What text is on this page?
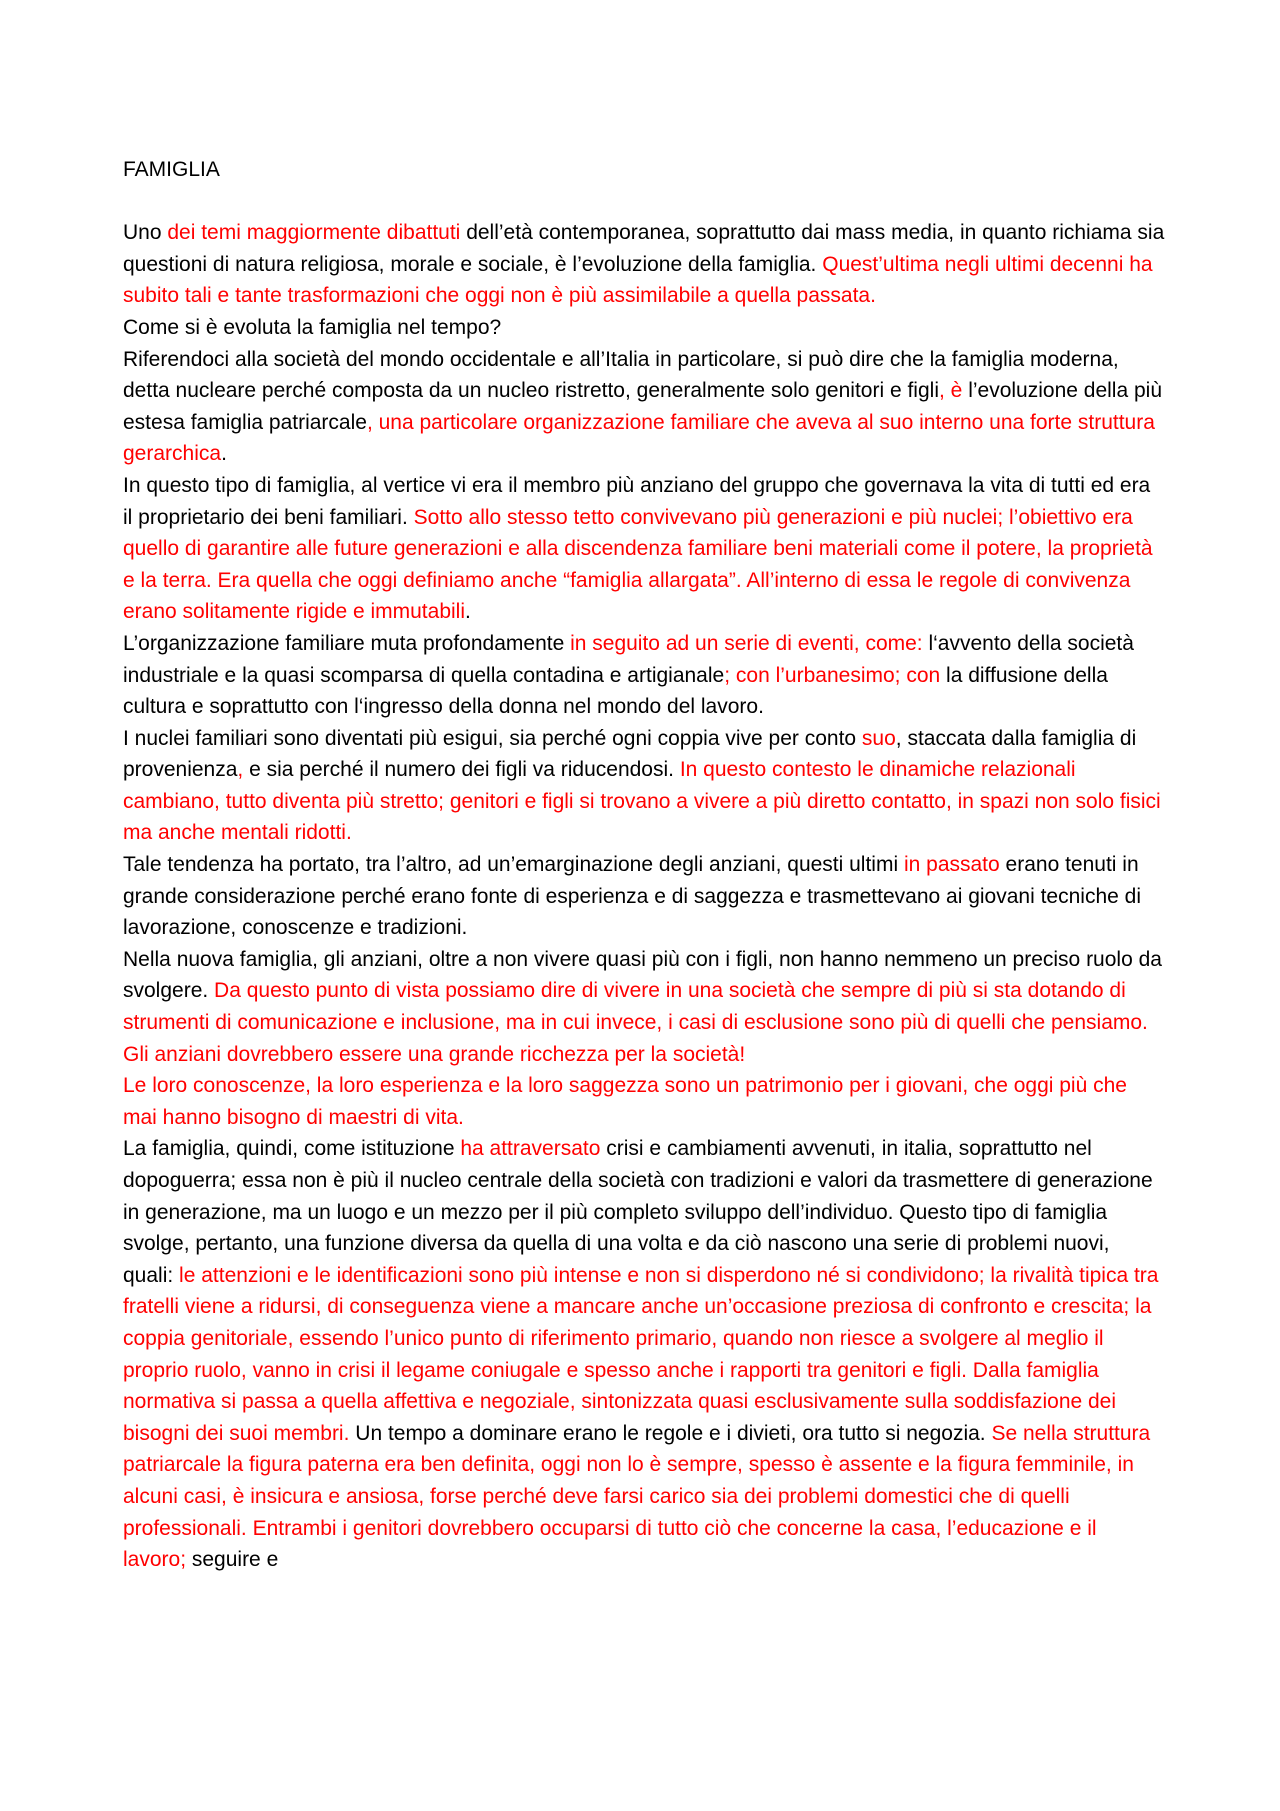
FAMIGLIA

Uno dei temi maggiormente dibattuti dell’età contemporanea, soprattutto dai mass media, in quanto richiama sia questioni di natura religiosa, morale e sociale, è l’evoluzione della famiglia. Quest’ultima negli ultimi decenni ha subito tali e tante trasformazioni che oggi non è più assimilabile a quella passata.

Come si è evoluta la famiglia nel tempo?

Riferendoci alla società del mondo occidentale e all’Italia in particolare, si può dire che la famiglia moderna, detta nucleare perché composta da un nucleo ristretto, generalmente solo genitori e figli, è l’evoluzione della più estesa famiglia patriarcale, una particolare organizzazione familiare che aveva al suo interno una forte struttura gerarchica.

In questo tipo di famiglia, al vertice vi era il membro più anziano del gruppo che governava la vita di tutti ed era il proprietario dei beni familiari. Sotto allo stesso tetto convivevano più generazioni e più nuclei; l’obiettivo era quello di garantire alle future generazioni e alla discendenza familiare beni materiali come il potere, la proprietà e la terra. Era quella che oggi definiamo anche “famiglia allargata”. All’interno di essa le regole di convivenza erano solitamente rigide e immutabili.

L’organizzazione familiare muta profondamente in seguito ad un serie di eventi, come: l‘avvento della società industriale e la quasi scomparsa di quella contadina e artigianale; con l’urbanesimo; con la diffusione della cultura e soprattutto con l‘ingresso della donna nel mondo del lavoro.

I nuclei familiari sono diventati più esigui, sia perché ogni coppia vive per conto suo, staccata dalla famiglia di provenienza, e sia perché il numero dei figli va riducendosi. In questo contesto le dinamiche relazionali cambiano, tutto diventa più stretto; genitori e figli si trovano a vivere a più diretto contatto, in spazi non solo fisici ma anche mentali ridotti.

Tale tendenza ha portato, tra l’altro, ad un’emarginazione degli anziani, questi ultimi in passato erano tenuti in grande considerazione perché erano fonte di esperienza e di saggezza e trasmettevano ai giovani tecniche di lavorazione, conoscenze e tradizioni.

Nella nuova famiglia, gli anziani, oltre a non vivere quasi più con i figli, non hanno nemmeno un preciso ruolo da svolgere. Da questo punto di vista possiamo dire di vivere in una società che sempre di più si sta dotando di strumenti di comunicazione e inclusione, ma in cui invece, i casi di esclusione sono più di quelli che pensiamo. Gli anziani dovrebbero essere una grande ricchezza per la società!

Le loro conoscenze, la loro esperienza e la loro saggezza sono un patrimonio per i giovani, che oggi più che mai hanno bisogno di maestri di vita.

La famiglia, quindi, come istituzione ha attraversato crisi e cambiamenti avvenuti, in italia, soprattutto nel dopoguerra; essa non è più il nucleo centrale della società con tradizioni e valori da trasmettere di generazione in generazione, ma un luogo e un mezzo per il più completo sviluppo dell’individuo. Questo tipo di famiglia svolge, pertanto, una funzione diversa da quella di una volta e da ciò nascono una serie di problemi nuovi, quali: le attenzioni e le identificazioni sono più intense e non si disperdono né si condividono; la rivalità tipica tra fratelli viene a ridursi, di conseguenza viene a mancare anche un’occasione preziosa di confronto e crescita; la coppia genitoriale, essendo l’unico punto di riferimento primario, quando non riesce a svolgere al meglio il proprio ruolo, vanno in crisi il legame coniugale e spesso anche i rapporti tra genitori e figli. Dalla famiglia normativa si passa a quella affettiva e negoziale, sintonizzata quasi esclusivamente sulla soddisfazione dei bisogni dei suoi membri. Un tempo a dominare erano le regole e i divieti, ora tutto si negozia. Se nella struttura patriarcale la figura paterna era ben definita, oggi non lo è sempre, spesso è assente e la figura femminile, in alcuni casi, è insicura e ansiosa, forse perché deve farsi carico sia dei problemi domestici che di quelli professionali. Entrambi i genitori dovrebbero occuparsi di tutto ciò che concerne la casa, l’educazione e il lavoro; seguire e
